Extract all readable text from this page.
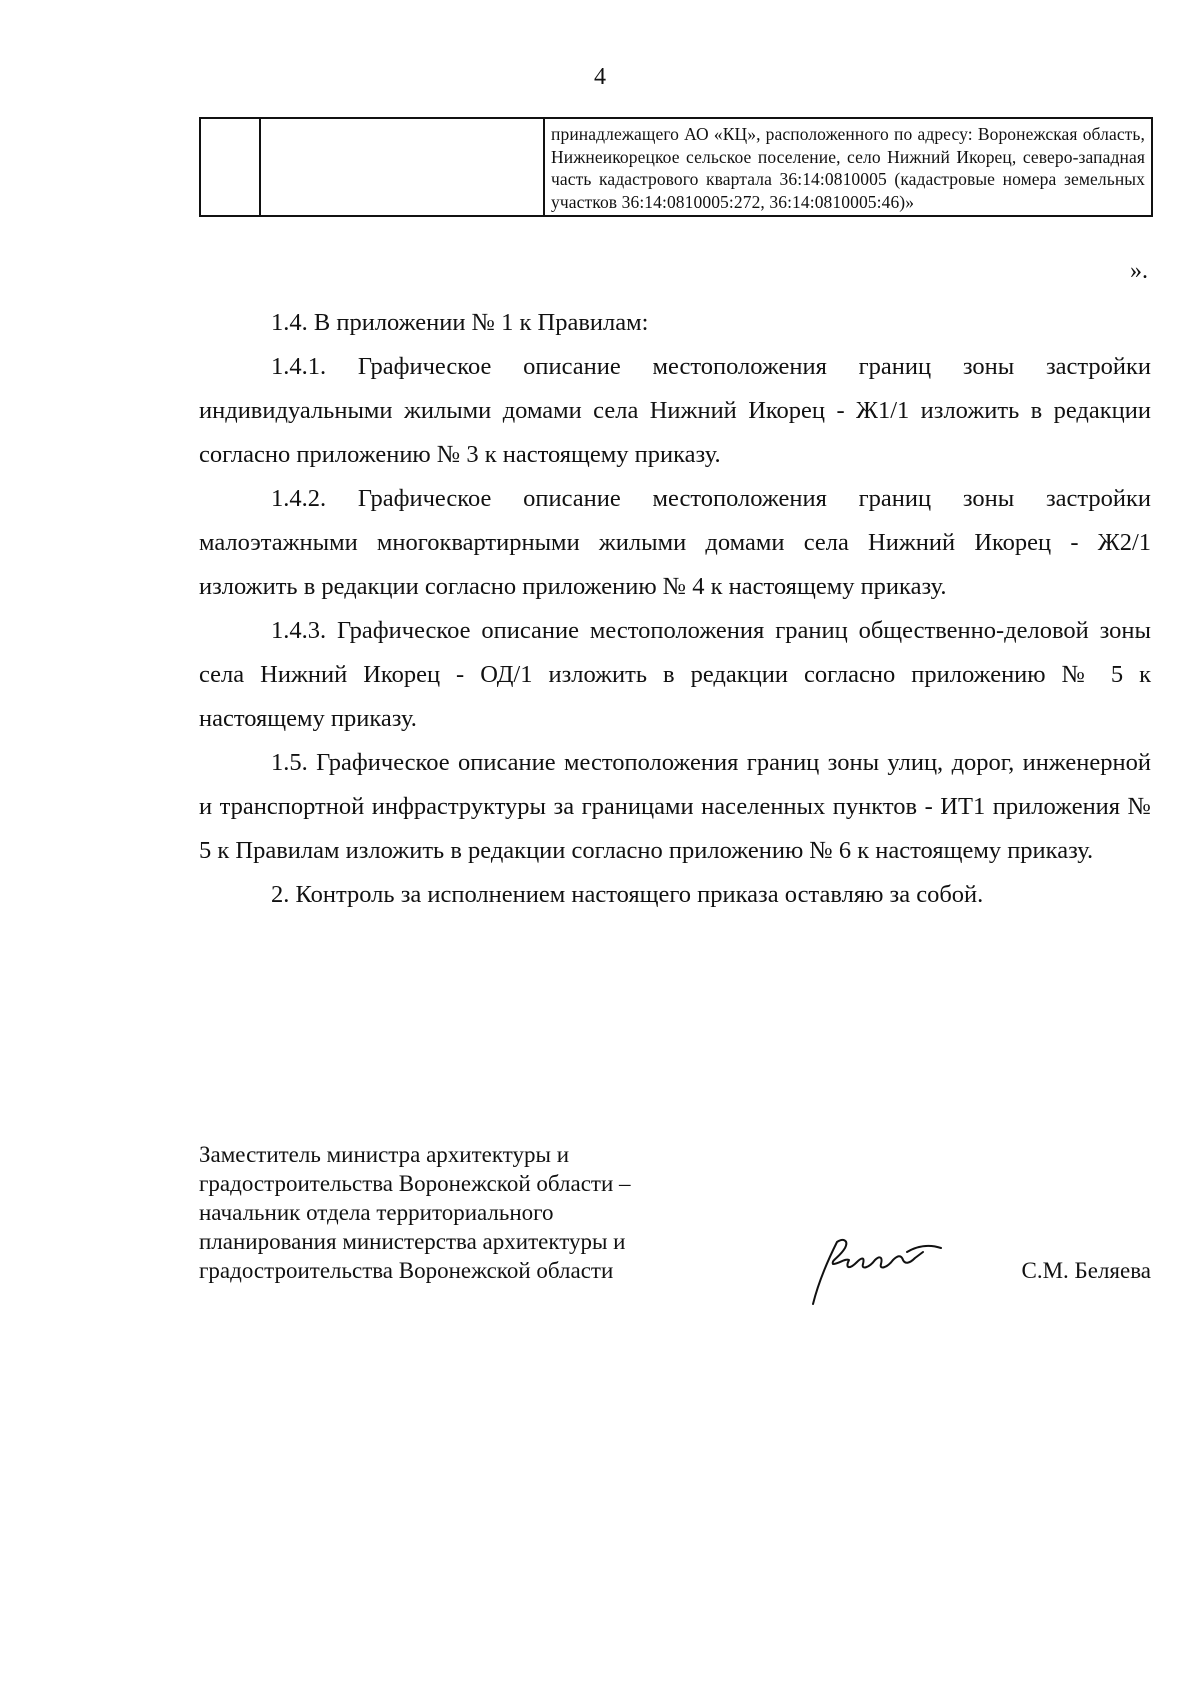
4

принадлежащего АО «КЦ», расположенного по адресу: Воронежская область, Нижнеикорецкое сельское поселение, село Нижний Икорец, северо-западная часть кадастрового квартала 36:14:0810005 (кадастровые номера земельных участков 36:14:0810005:272, 36:14:0810005:46)»
».

1.4. В приложении № 1 к Правилам:

1.4.1. Графическое описание местоположения границ зоны застройки индивидуальными жилыми домами села Нижний Икорец - Ж1/1 изложить в редакции согласно приложению № 3 к настоящему приказу.

1.4.2. Графическое описание местоположения границ зоны застройки малоэтажными многоквартирными жилыми домами села Нижний Икорец - Ж2/1 изложить в редакции согласно приложению № 4 к настоящему приказу.

1.4.3. Графическое описание местоположения границ общественно-деловой зоны села Нижний Икорец - ОД/1 изложить в редакции согласно приложению № 5 к настоящему приказу.

1.5. Графическое описание местоположения границ зоны улиц, дорог, инженерной и транспортной инфраструктуры за границами населенных пунктов - ИТ1 приложения № 5 к Правилам изложить в редакции согласно приложению № 6 к настоящему приказу.

2. Контроль за исполнением настоящего приказа оставляю за собой.

Заместитель министра архитектуры и
градостроительства Воронежской области –
начальник отдела территориального
планирования министерства архитектуры и
градостроительства Воронежской области	С.М. Беляева
